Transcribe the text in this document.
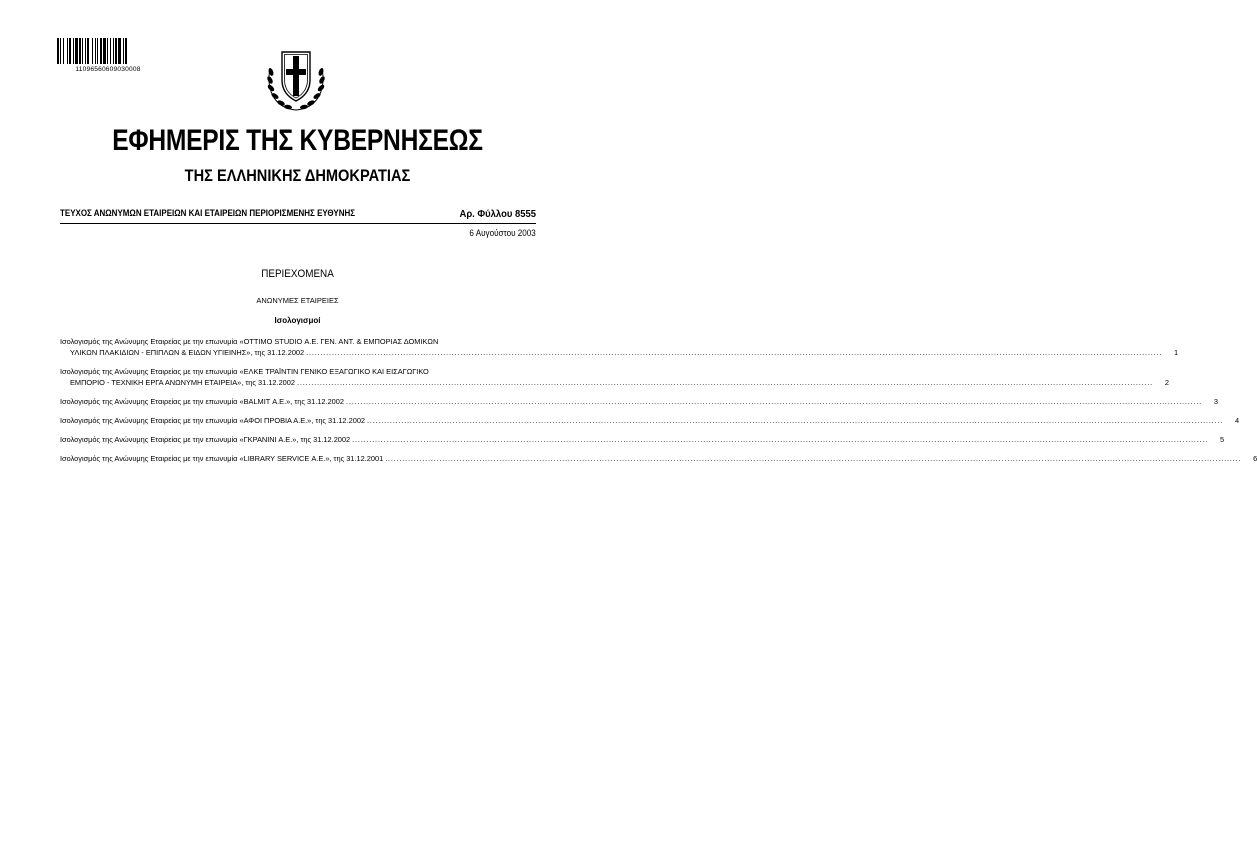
11096560609030008
ΕΦΗΜΕΡΙΣ ΤΗΣ ΚΥΒΕΡΝΗΣΕΩΣ
ΤΗΣ ΕΛΛΗΝΙΚΗΣ ΔΗΜΟΚΡΑΤΙΑΣ
ΤΕΥΧΟΣ ΑΝΩΝΥΜΩΝ ΕΤΑΙΡΕΙΩΝ ΚΑΙ ΕΤΑΙΡΕΙΩΝ ΠΕΡΙΟΡΙΣΜΕΝΗΣ ΕΥΘΥΝΗΣ	Αρ. Φύλλου 8555
6 Αυγούστου 2003
ΠΕΡΙΕΧΟΜΕΝΑ
ΑΝΩΝΥΜΕΣ ΕΤΑΙΡΕΙΕΣ
Ισολογισμοί
Ισολογισμός της Ανώνυμης Εταιρείας με την επωνυμία «ΟΤΤΙΜΟ STUDIO Α.Ε. ΓΕΝ. ΑΝΤ. & ΕΜΠΟΡΙΑΣ ΔΟΜΙΚΩΝ
ΥΛΙΚΩΝ ΠΛΑΚΙΔΙΩΝ - ΕΠΙΠΛΩΝ & ΕΙΔΩΝ ΥΓΙΕΙΝΗΣ», της 31.12.2002 ............................................................................................................................................................................................................................................................................................................	1
Ισολογισμός της Ανώνυμης Εταιρείας με την επωνυμία «ΕΛΚΕ ΤΡΑΪΝΤΙΝ ΓΕΝΙΚΟ ΕΞΑΓΩΓΙΚΟ ΚΑΙ ΕΙΣΑΓΩΓΙΚΟ
ΕΜΠΟΡΙΟ - ΤΕΧΝΙΚΗ ΕΡΓΑ ΑΝΩΝΥΜΗ ΕΤΑΙΡΕΙΑ», της 31.12.2002 ............................................................................................................................................................................................................................................................................................................	2
Ισολογισμός της Ανώνυμης Εταιρείας με την επωνυμία «BALMIT Α.Ε.», της 31.12.2002 ............................................................................................................................................................................................................................................................................................................	3
Ισολογισμός της Ανώνυμης Εταιρείας με την επωνυμία «ΑΦΟΙ ΠΡΟΒΙΑ Α.Ε.», της 31.12.2002 ............................................................................................................................................................................................................................................................................................................	4
Ισολογισμός της Ανώνυμης Εταιρείας με την επωνυμία «ΓΚΡΑΝΙΝΙ Α.Ε.», της 31.12.2002 ............................................................................................................................................................................................................................................................................................................	5
Ισολογισμός της Ανώνυμης Εταιρείας με την επωνυμία «LIBRARY SERVICE Α.Ε.», της 31.12.2001 ............................................................................................................................................................................................................................................................................................................	6
